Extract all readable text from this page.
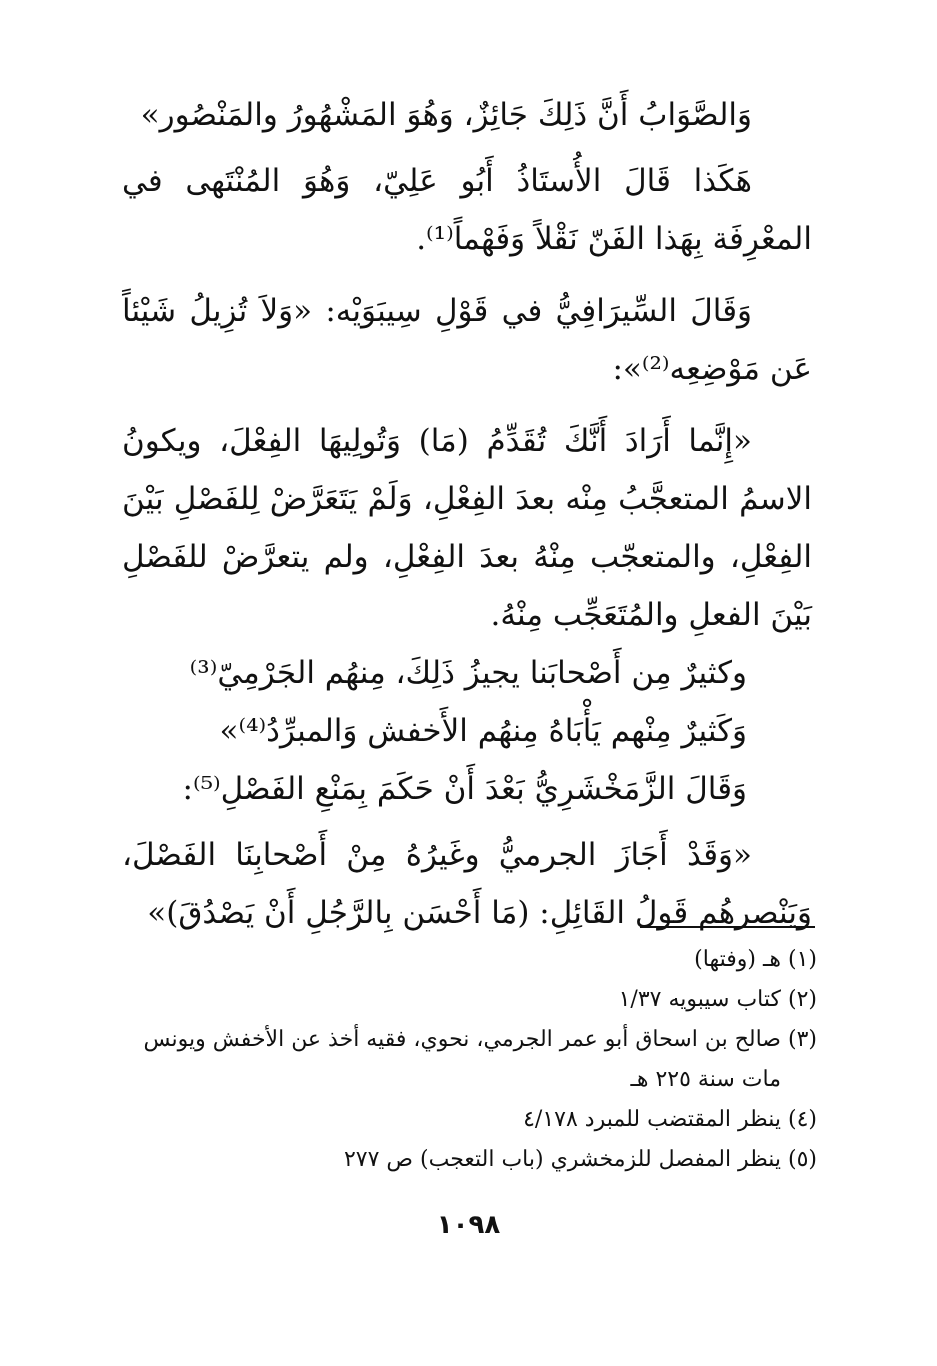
وَالصَّوَابُ أَنَّ ذَلِكَ جَائِزٌ، وَهُوَ المَشْهُورُ والمَنْصُور»

هَكَذا قَالَ الأُستَاذُ أَبُو عَلِيّ، وَهُوَ المُنْتَهى في المعْرِفَة بِهَذا الفَنّ نَقْلاً وَفَهْماً⁽¹⁾.

وَقَالَ السِّيرَافِيُّ في قَوْلِ سِيبَوَيْه: «وَلاَ تُزِيلُ شَيْئاً عَن مَوْضِعِه⁽²⁾»:

«إِنَّما أَرَادَ أَنَّكَ تُقَدِّمُ (مَا) وَتُولِيهَا الفِعْلَ، ويكونُ الاسمُ المتعجَّبُ مِنْه بعدَ الفِعْلِ، وَلَمْ يَتَعَرَّضْ لِلفَصْلِ بَيْنَ الفِعْلِ، والمتعجّب مِنْهُ بعدَ الفِعْلِ، ولم يتعرَّضْ للفَصْلِ بَيْنَ الفعلِ والمُتَعَجِّب مِنْهُ.

وكثيرٌ مِن أَصْحابَنا يجيزُ ذَلِكَ، مِنهُم الجَرْمِيّ⁽³⁾

وَكَثيرٌ مِنْهم يَأْبَاهُ مِنهُم الأَخفش وَالمبرِّدُ⁽⁴⁾»

وَقَالَ الزَّمَخْشَرِيُّ بَعْدَ أَنْ حَكَمَ بِمَنْعِ الفَصْلِ⁽⁵⁾:

«وَقَدْ أَجَازَ الجرميُّ وغَيرُهُ مِنْ أَصْحابِنَا الفَصْلَ، وَيَنْصرهُم قَولُ القَائِلِ: (مَا أَحْسَن بِالرَّجُلِ أَنْ يَصْدُقَ)»

(١)هـ (وفتها)

(٢)كتاب سيبويه ١/٣٧

(٣)صالح بن اسحاق أبو عمر الجرمي، نحوي، فقيه أخذ عن الأخفش ويونس مات سنة ٢٢٥ هـ

(٤)ينظر المقتضب للمبرد ٤/١٧٨

(٥)ينظر المفصل للزمخشري (باب التعجب) ص ٢٧٧

١٠٩٨
